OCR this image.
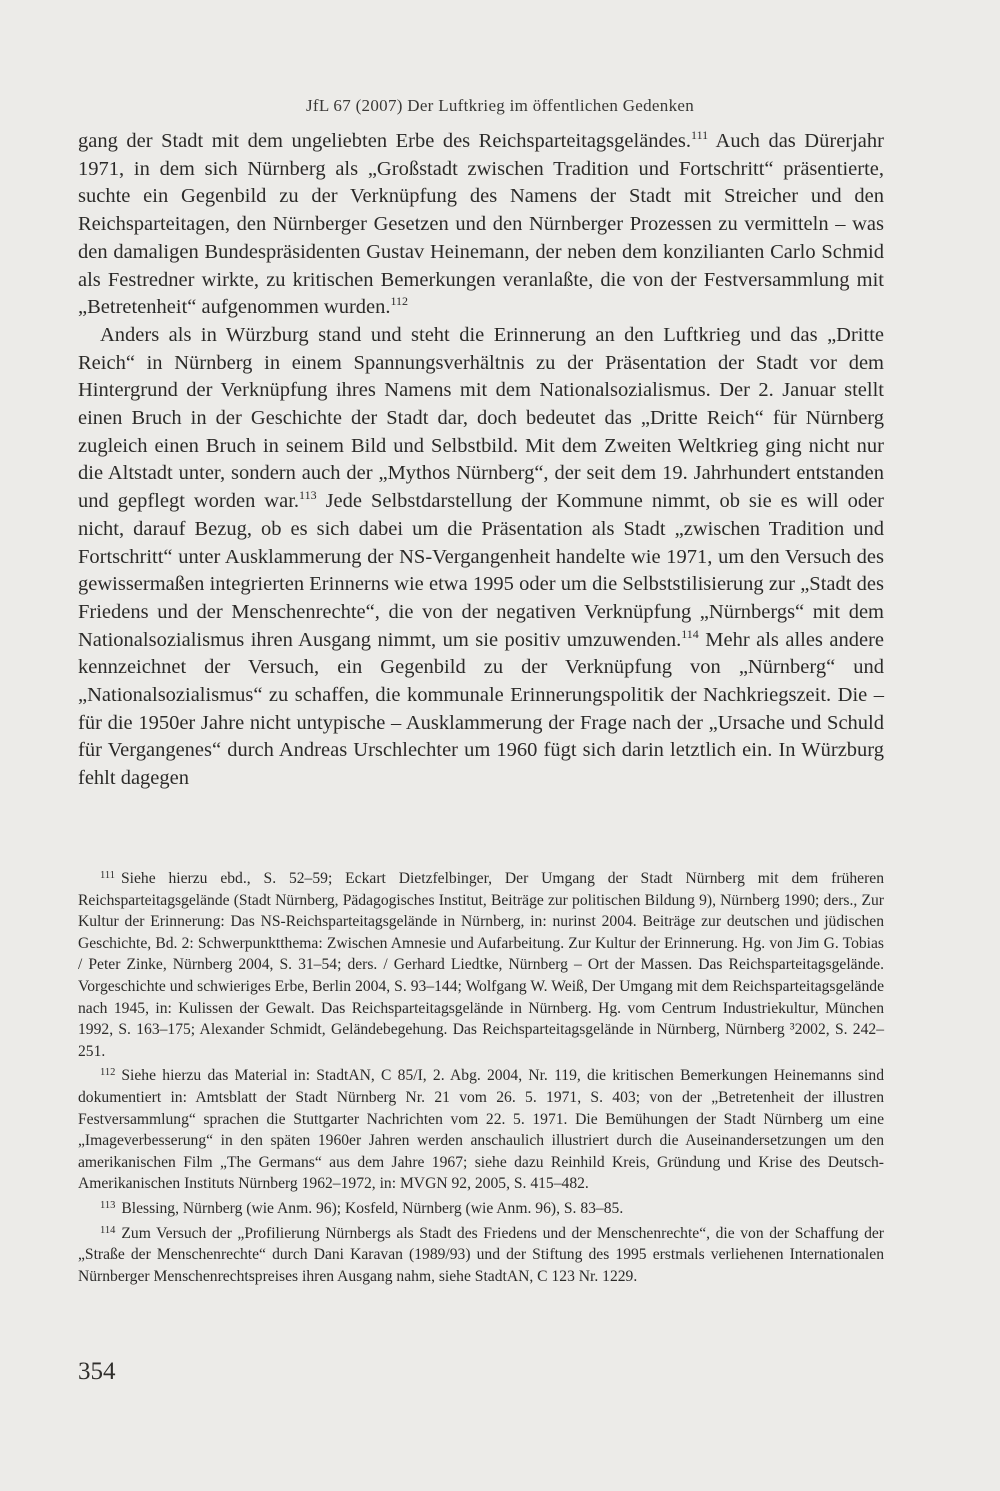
JfL 67 (2007) Der Luftkrieg im öffentlichen Gedenken

gang der Stadt mit dem ungeliebten Erbe des Reichsparteitagsgeländes.$^{111}$ Auch das Dürerjahr 1971, in dem sich Nürnberg als „Großstadt zwischen Tradition und Fortschritt“ präsentierte, suchte ein Gegenbild zu der Verknüpfung des Namens der Stadt mit Streicher und den Reichsparteitagen, den Nürnberger Gesetzen und den Nürnberger Prozessen zu vermitteln – was den damaligen Bundespräsidenten Gustav Heinemann, der neben dem konzilianten Carlo Schmid als Festredner wirkte, zu kritischen Bemerkungen veranlaßte, die von der Festversammlung mit „Betretenheit“ aufgenommen wurden.$^{112}$

Anders als in Würzburg stand und steht die Erinnerung an den Luftkrieg und das „Dritte Reich“ in Nürnberg in einem Spannungsverhältnis zu der Präsentation der Stadt vor dem Hintergrund der Verknüpfung ihres Namens mit dem Nationalsozialismus. Der 2. Januar stellt einen Bruch in der Geschichte der Stadt dar, doch bedeutet das „Dritte Reich“ für Nürnberg zugleich einen Bruch in seinem Bild und Selbstbild. Mit dem Zweiten Weltkrieg ging nicht nur die Altstadt unter, sondern auch der „Mythos Nürnberg“, der seit dem 19. Jahrhundert entstanden und gepflegt worden war.$^{113}$ Jede Selbstdarstellung der Kommune nimmt, ob sie es will oder nicht, darauf Bezug, ob es sich dabei um die Präsentation als Stadt „zwischen Tradition und Fortschritt“ unter Ausklammerung der NS-Vergangenheit handelte wie 1971, um den Versuch des gewissermaßen integrierten Erinnerns wie etwa 1995 oder um die Selbststilisierung zur „Stadt des Friedens und der Menschenrechte“, die von der negativen Verknüpfung „Nürnbergs“ mit dem Nationalsozialismus ihren Ausgang nimmt, um sie positiv umzuwenden.$^{114}$ Mehr als alles andere kennzeichnet der Versuch, ein Gegenbild zu der Verknüpfung von „Nürnberg“ und „Nationalsozialismus“ zu schaffen, die kommunale Erinnerungspolitik der Nachkriegszeit. Die – für die 1950er Jahre nicht untypische – Ausklammerung der Frage nach der „Ursache und Schuld für Vergangenes“ durch Andreas Urschlechter um 1960 fügt sich darin letztlich ein. In Würzburg fehlt dagegen

$^{111}$ Siehe hierzu ebd., S. 52–59; Eckart Dietzfelbinger, Der Umgang der Stadt Nürnberg mit dem früheren Reichsparteitagsgelände (Stadt Nürnberg, Pädagogisches Institut, Beiträge zur politischen Bildung 9), Nürnberg 1990; ders., Zur Kultur der Erinnerung: Das NS-Reichsparteitagsgelände in Nürnberg, in: nurinst 2004. Beiträge zur deutschen und jüdischen Geschichte, Bd. 2: Schwerpunktthema: Zwischen Amnesie und Aufarbeitung. Zur Kultur der Erinnerung. Hg. von Jim G. Tobias / Peter Zinke, Nürnberg 2004, S. 31–54; ders. / Gerhard Liedtke, Nürnberg – Ort der Massen. Das Reichsparteitagsgelände. Vorgeschichte und schwieriges Erbe, Berlin 2004, S. 93–144; Wolfgang W. Weiß, Der Umgang mit dem Reichsparteitagsgelände nach 1945, in: Kulissen der Gewalt. Das Reichsparteitagsgelände in Nürnberg. Hg. vom Centrum Industriekultur, München 1992, S. 163–175; Alexander Schmidt, Geländebegehung. Das Reichsparteitagsgelände in Nürnberg, Nürnberg ³2002, S. 242–251.

$^{112}$ Siehe hierzu das Material in: StadtAN, C 85/I, 2. Abg. 2004, Nr. 119, die kritischen Bemerkungen Heinemanns sind dokumentiert in: Amtsblatt der Stadt Nürnberg Nr. 21 vom 26. 5. 1971, S. 403; von der „Betretenheit der illustren Festversammlung“ sprachen die Stuttgarter Nachrichten vom 22. 5. 1971. Die Bemühungen der Stadt Nürnberg um eine „Imageverbesserung“ in den späten 1960er Jahren werden anschaulich illustriert durch die Auseinandersetzungen um den amerikanischen Film „The Germans“ aus dem Jahre 1967; siehe dazu Reinhild Kreis, Gründung und Krise des Deutsch-Amerikanischen Instituts Nürnberg 1962–1972, in: MVGN 92, 2005, S. 415–482.

$^{113}$ Blessing, Nürnberg (wie Anm. 96); Kosfeld, Nürnberg (wie Anm. 96), S. 83–85.

$^{114}$ Zum Versuch der „Profilierung Nürnbergs als Stadt des Friedens und der Menschenrechte“, die von der Schaffung der „Straße der Menschenrechte“ durch Dani Karavan (1989/93) und der Stiftung des 1995 erstmals verliehenen Internationalen Nürnberger Menschenrechtspreises ihren Ausgang nahm, siehe StadtAN, C 123 Nr. 1229.

354
